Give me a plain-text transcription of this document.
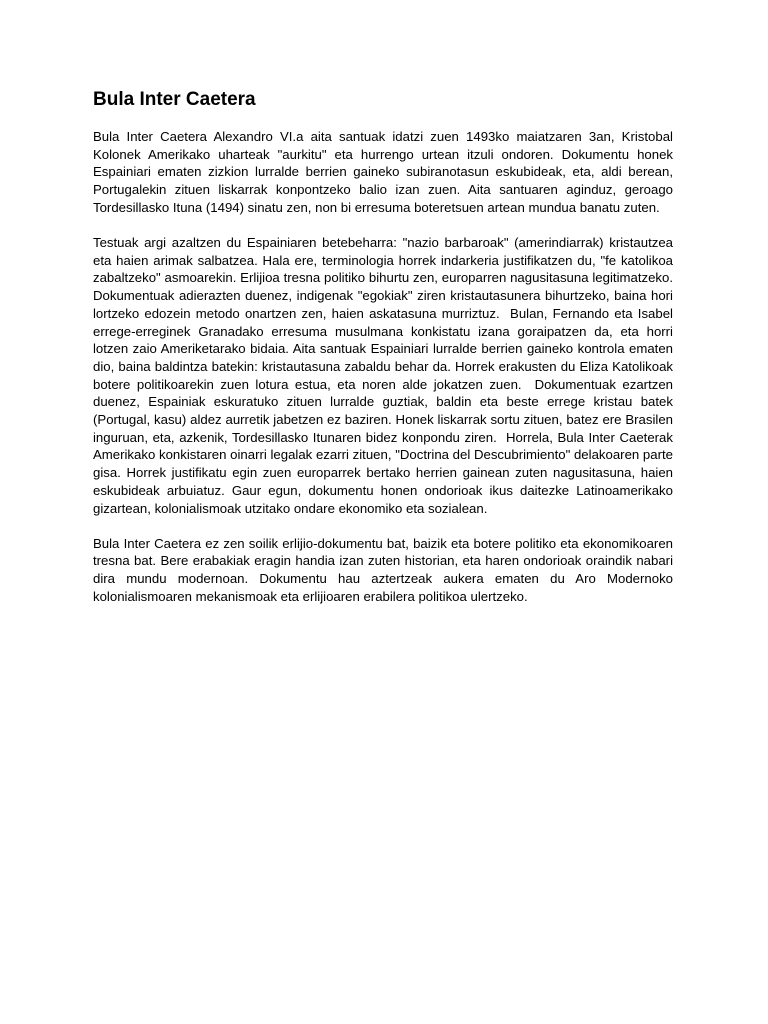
Bula Inter Caetera

Bula Inter Caetera Alexandro VI.a aita santuak idatzi zuen 1493ko maiatzaren 3an, Kristobal Kolonek Amerikako uharteak "aurkitu" eta hurrengo urtean itzuli ondoren. Dokumentu honek Espainiari ematen zizkion lurralde berrien gaineko subiranotasun eskubideak, eta, aldi berean, Portugalekin zituen liskarrak konpontzeko balio izan zuen. Aita santuaren aginduz, geroago Tordesillasko Ituna (1494) sinatu zen, non bi erresuma boteretsuen artean mundua banatu zuten.

Testuak argi azaltzen du Espainiaren betebeharra: "nazio barbaroak" (amerindiarrak) kristautzea eta haien arimak salbatzea. Hala ere, terminologia horrek indarkeria justifikatzen du, "fe katolikoa zabaltzeko" asmoarekin. Erlijioa tresna politiko bihurtu zen, europarren nagusitasuna legitimatzeko. Dokumentuak adierazten duenez, indigenak "egokiak" ziren kristautasunera bihurtzeko, baina hori lortzeko edozein metodo onartzen zen, haien askatasuna murriztuz.  Bulan, Fernando eta Isabel errege-erreginek Granadako erresuma musulmana konkistatu izana goraipatzen da, eta horri lotzen zaio Ameriketarako bidaia. Aita santuak Espainiari lurralde berrien gaineko kontrola ematen dio, baina baldintza batekin: kristautasuna zabaldu behar da. Horrek erakusten du Eliza Katolikoak botere politikoarekin zuen lotura estua, eta noren alde jokatzen zuen.  Dokumentuak ezartzen duenez, Espainiak eskuratuko zituen lurralde guztiak, baldin eta beste errege kristau batek (Portugal, kasu) aldez aurretik jabetzen ez baziren. Honek liskarrak sortu zituen, batez ere Brasilen inguruan, eta, azkenik, Tordesillasko Itunaren bidez konpondu ziren.  Horrela, Bula Inter Caeterak Amerikako konkistaren oinarri legalak ezarri zituen, "Doctrina del Descubrimiento" delakoaren parte gisa. Horrek justifikatu egin zuen europarrek bertako herrien gainean zuten nagusitasuna, haien eskubideak arbuiatuz. Gaur egun, dokumentu honen ondorioak ikus daitezke Latinoamerikako gizartean, kolonialismoak utzitako ondare ekonomiko eta sozialean.

Bula Inter Caetera ez zen soilik erlijio-dokumentu bat, baizik eta botere politiko eta ekonomikoaren tresna bat. Bere erabakiak eragin handia izan zuten historian, eta haren ondorioak oraindik nabari dira mundu modernoan. Dokumentu hau aztertzeak aukera ematen du Aro Modernoko kolonialismoaren mekanismoak eta erlijioaren erabilera politikoa ulertzeko.
